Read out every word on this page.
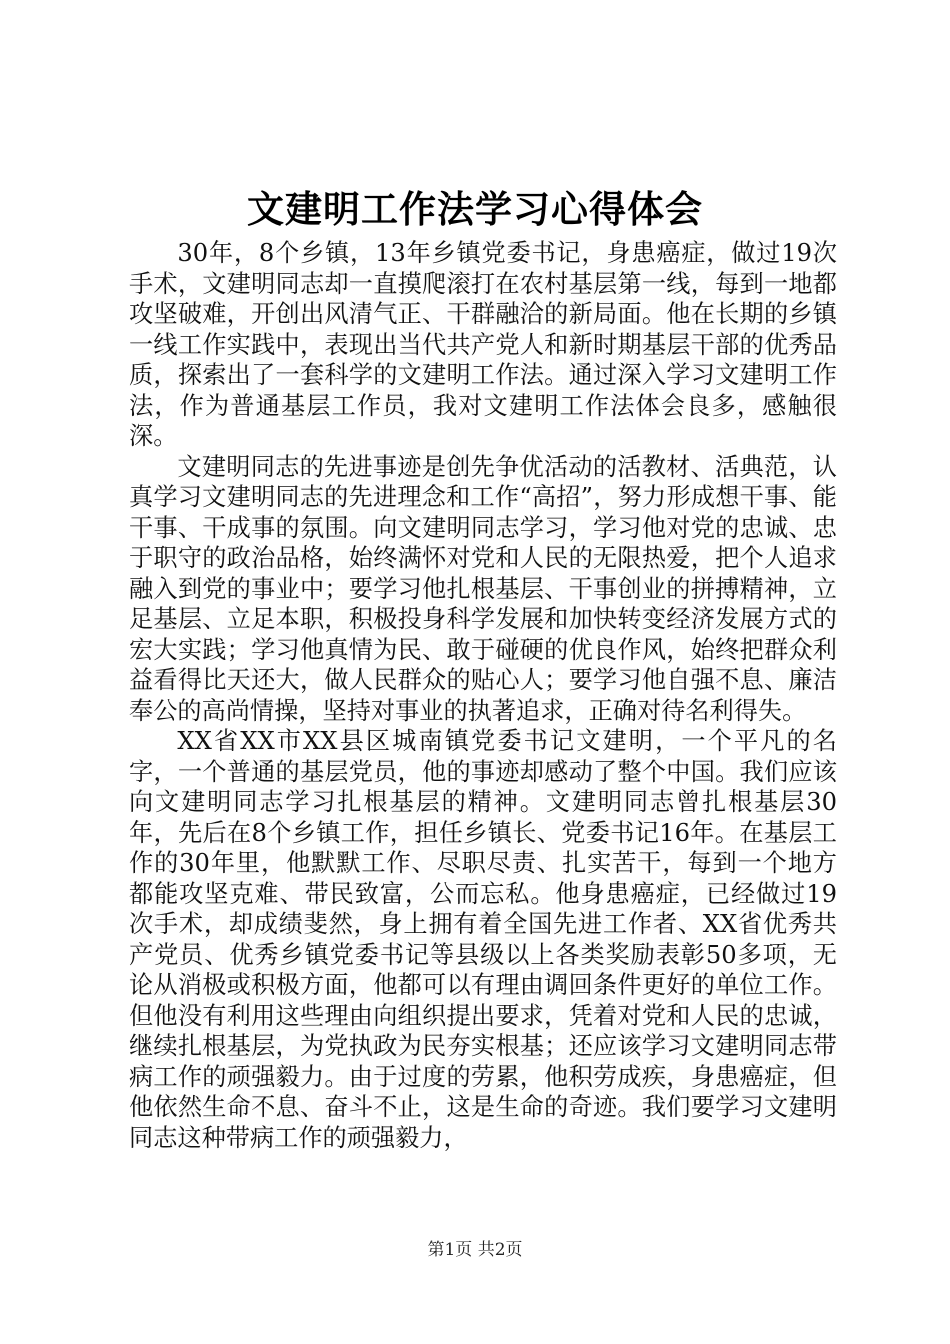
文建明工作法学习心得体会

30年，8个乡镇，13年乡镇党委书记，身患癌症，做过19次手术，文建明同志却一直摸爬滚打在农村基层第一线，每到一地都攻坚破难，开创出风清气正、干群融洽的新局面。他在长期的乡镇一线工作实践中，表现出当代共产党人和新时期基层干部的优秀品质，探索出了一套科学的文建明工作法。通过深入学习文建明工作法，作为普通基层工作员，我对文建明工作法体会良多，感触很深。

文建明同志的先进事迹是创先争优活动的活教材、活典范，认真学习文建明同志的先进理念和工作“高招”，努力形成想干事、能干事、干成事的氛围。向文建明同志学习，学习他对党的忠诚、忠于职守的政治品格，始终满怀对党和人民的无限热爱，把个人追求融入到党的事业中；要学习他扎根基层、干事创业的拼搏精神，立足基层、立足本职，积极投身科学发展和加快转变经济发展方式的宏大实践；学习他真情为民、敢于碰硬的优良作风，始终把群众利益看得比天还大，做人民群众的贴心人；要学习他自强不息、廉洁奉公的高尚情操，坚持对事业的执著追求，正确对待名利得失。

XX省XX市XX县区城南镇党委书记文建明，一个平凡的名字，一个普通的基层党员，他的事迹却感动了整个中国。我们应该向文建明同志学习扎根基层的精神。文建明同志曾扎根基层30年，先后在8个乡镇工作，担任乡镇长、党委书记16年。在基层工作的30年里，他默默工作、尽职尽责、扎实苦干，每到一个地方都能攻坚克难、带民致富，公而忘私。他身患癌症，已经做过19次手术，却成绩斐然，身上拥有着全国先进工作者、XX省优秀共产党员、优秀乡镇党委书记等县级以上各类奖励表彰50多项，无论从消极或积极方面，他都可以有理由调回条件更好的单位工作。但他没有利用这些理由向组织提出要求，凭着对党和人民的忠诚，继续扎根基层，为党执政为民夯实根基；还应该学习文建明同志带病工作的顽强毅力。由于过度的劳累，他积劳成疾，身患癌症，但他依然生命不息、奋斗不止，这是生命的奇迹。我们要学习文建明同志这种带病工作的顽强毅力，

第1页 共2页
